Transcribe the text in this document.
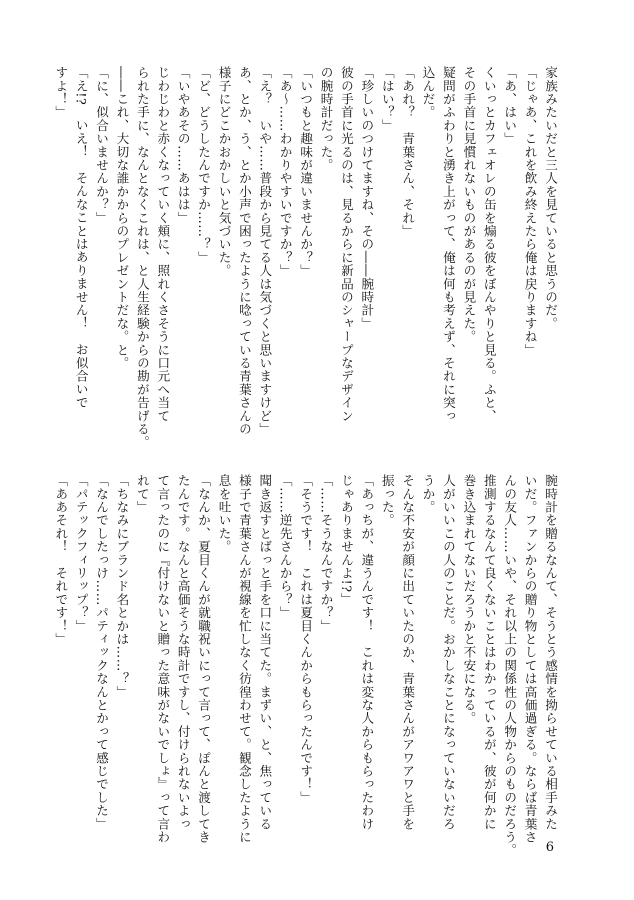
家族みたいだと三人を見ていると思うのだ。
「じゃあ、これを飲み終えたら俺は戻りますね」
「あ、はい」
くいっとカフェオレの缶を煽る彼をぼんやりと見る。ふと、
その手首に見慣れないものがあるのが見えた。
疑問がふわりと湧き上がって、俺は何も考えず、それに突っ
込んだ。
「あれ？　青葉さん、それ」
「はい？」
「珍しいのつけてますね、その――腕時計」
彼の手首に光るのは、見るからに新品のシャープなデザイン
の腕時計だった。
「いつもと趣味が違いませんか？」
「あ～……わかりやすいですか？」
「え？　いや……普段から見てる人は気づくと思いますけど」
あ、とか、う、とか小声で困ったように唸っている青葉さんの
様子にどこかおかしいと気づいた。
「ど、どうしたんですか……？」
「いやあその……あはは」
じわじわと赤くなっていく頬に、照れくさそうに口元へ当て
られた手に、なんとなくこれは、と人生経験からの勘が告げる。
――これ、大切な誰かからのプレゼントだな。と。
「に、似合いませんか？」
「え!?　いえ！　そんなことはありません！　お似合いで
すよ！」
腕時計を贈るなんて、そうとう感情を拗らせている相手みた
いだ。ファンからの贈り物としては高価過ぎる。ならば青葉さ
んの友人……いや、それ以上の関係性の人物からのものだろう。
推測するなんて良くないことはわかっているが、彼が何かに
巻き込まれてないだろうかと不安になる。
人がいいこの人のことだ。おかしなことになっていないだろ
うか。
そんな不安が顔に出ていたのか、青葉さんがアワアワと手を
振った。
「あっちが、違うんです！　これは変な人からもらったわけ
じゃありませんよ!?」
「……そうなんですか？」
「そうです！　これは夏目くんからもらったんです！」
「……逆先さんから？」
聞き返すとばっと手を口に当てた。まずい、と、焦っている
様子で青葉さんが視線を忙しなく彷徨わせて。観念したように
息を吐いた。
「なんか、夏目くんが就職祝いにって言って、ぽんと渡してき
たんです。なんと高価そうな時計ですし、付けられないよっ
て言ったのに『付けないと贈った意味がないでしょ』って言わ
れて」
「ちなみにブランド名とかは……？」
「なんでしたっけ……パティックなんとかって感じでした」
「パテックフィリップ？」
「ああそれ！　それです！」
6
